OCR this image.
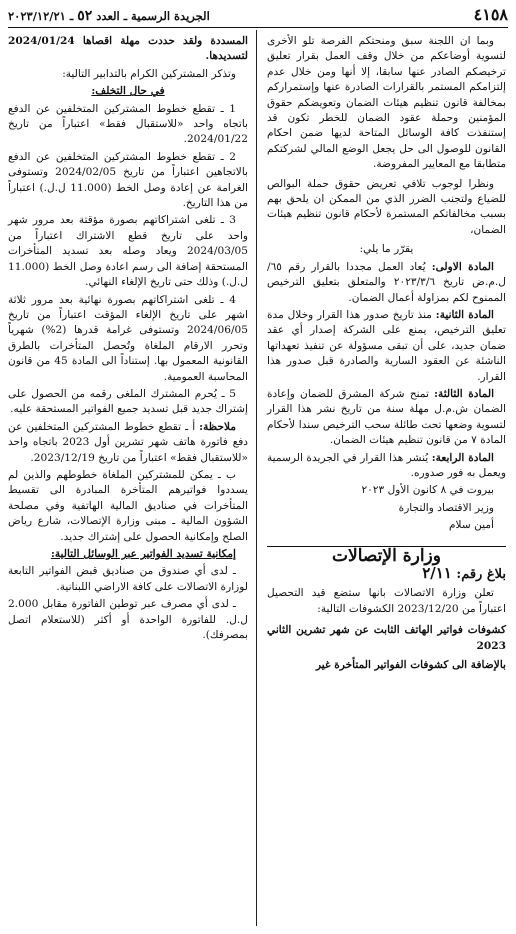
٤١٥٨
الجريدة الرسمية ـ العدد ٥٢ ـ ٢٠٢٣/١٢/٢١

وبما ان اللجنة سبق ومنحتكم الفرصة تلو الأخرى لتسوية أوضاعكم من خلال وقف العمل بقرار تعليق ترخيصكم الصادر عنها سابقا، إلا أنها ومن خلال عدم إلتزامكم المستمر بالقرارات الصادرة عنها وإستمراركم بمخالفة قانون تنظيم هيئات الضمان وتعويضكم حقوق المؤمنين وحملة عقود الضمان للخطر تكون قد إستنفذت كافة الوسائل المتاحة لديها ضمن احكام القانون للوصول الى حل يجعل الوضع المالي لشركتكم متطابقا مع المعايير المفروضة.

ونظرا لوجوب تلافي تعريض حقوق حملة البوالص للضياع ولتجنب الضرر الذي من الممكن ان يلحق بهم بسبب مخالفاتكم المستمرة لأحكام قانون تنظيم هيئات الضمان،

يقرّر ما يلي:

المادة الاولى: يُعاد العمل مجددا بالقرار رقم ٦٥/ل.م.ض تاريخ ٢٠٢٣/٣/٦ والمتعلق بتعليق الترخيص الممنوح لكم بمزاولة أعمال الضمان.

المادة الثانية: منذ تاريخ صدور هذا القرار وخلال مدة تعليق الترخيص، يمنع على الشركة إصدار أي عقد ضمان جديد، على أن تبقى مسؤولة عن تنفيذ تعهداتها الناشئة عن العقود السارية والصادرة قبل صدور هذا القرار.

المادة الثالثة: تمنح شركة المشرق للضمان وإعادة الضمان ش.م.ل مهلة سنة من تاريخ نشر هذا القرار لتسوية وضعها تحت طائلة سحب الترخيص سندا لأحكام المادة ٧ من قانون تنظيم هيئات الضمان.

المادة الرابعة: يُنشر هذا القرار في الجريدة الرسمية ويعمل به فور صدوره.

بيروت في ٨ كانون الأول ٢٠٢٣

وزير الاقتصاد والتجارة

أمين سلام

وزارة الإتصالات

بلاغ رقم: ٢/١١

تعلن وزارة الاتصالات بانها ستضع قيد التحصيل اعتباراً من 2023/12/20 الكشوفات التالية:

كشوفات فواتير الهاتف الثابت عن شهر تشرين الثاني 2023

بالإضافة الى كشوفات الفواتير المتأخرة غير

المسددة ولقد حددت مهلة اقصاها 2024/01/24 لتسديدها.

وتذكر المشتركين الكرام بالتدابير التالية:

في حال التخلف:

1 ـ تقطع خطوط المشتركين المتخلفين عن الدفع باتجاه واحد «للاستقبال فقط» اعتباراً من تاريخ 2024/01/22.

2 ـ تقطع خطوط المشتركين المتخلفين عن الدفع بالاتجاهين اعتباراً من تاريخ 2024/02/05 وتستوفى الغرامة عن إعادة وصل الخط (11.000 ل.ل.) اعتباراً من هذا التاريخ.

3 ـ تلغى اشتراكاتهم بصورة مؤقتة بعد مرور شهر واحد على تاريخ قطع الاشتراك اعتباراً من 2024/03/05 ويعاد وصله بعد تسديد المتأخرات المستحقة إضافة الى رسم اعادة وصل الخط (11.000 ل.ل.) وذلك حتى تاريخ الإلغاء النهائي.

4 ـ تلغى اشتراكاتهم بصورة نهائية بعد مرور ثلاثة اشهر على تاريخ الإلغاء المؤقت اعتباراً من تاريخ 2024/06/05 وتستوفى غرامة قدرها (2%) شهرياً وتحرر الارقام الملغاة وتُحصل المتأخرات بالطرق القانونية المعمول بها. إستناداً الى المادة 45 من قانون المحاسبة العمومية.

5 ـ يُحرم المشترك الملغى رقمه من الحصول على إشتراك جديد قبل تسديد جميع الفواتير المستحقة عليه.

ملاحظة: أ ـ تقطع خطوط المشتركين المتخلفين عن دفع فاتورة هاتف شهر تشرين أول 2023 باتجاه واحد «للاستقبال فقط» اعتباراً من تاريخ 2023/12/19.

ب ـ يمكن للمشتركين الملغاة خطوطهم والذين لم يسددوا فواتيرهم المتأخرة المبادرة الى تقسيط المتأخرات في صناديق المالية الهاتفية وفي مصلحة الشؤون المالية ـ مبنى وزارة الإتصالات، شارع رياض الصلح وإمكانية الحصول على إشتراك جديد.

إمكانية تسديد الفواتير عبر الوسائل التالية:

ـ لدى أي صندوق من صناديق قبض الفواتير التابعة لوزارة الاتصالات على كافة الاراضي اللبنانية.

ـ لدى أي مصرف عبر توطين الفاتورة مقابل 2.000 ل.ل. للفاتورة الواحدة أو أكثر (للاستعلام اتصل بمصرفك).
